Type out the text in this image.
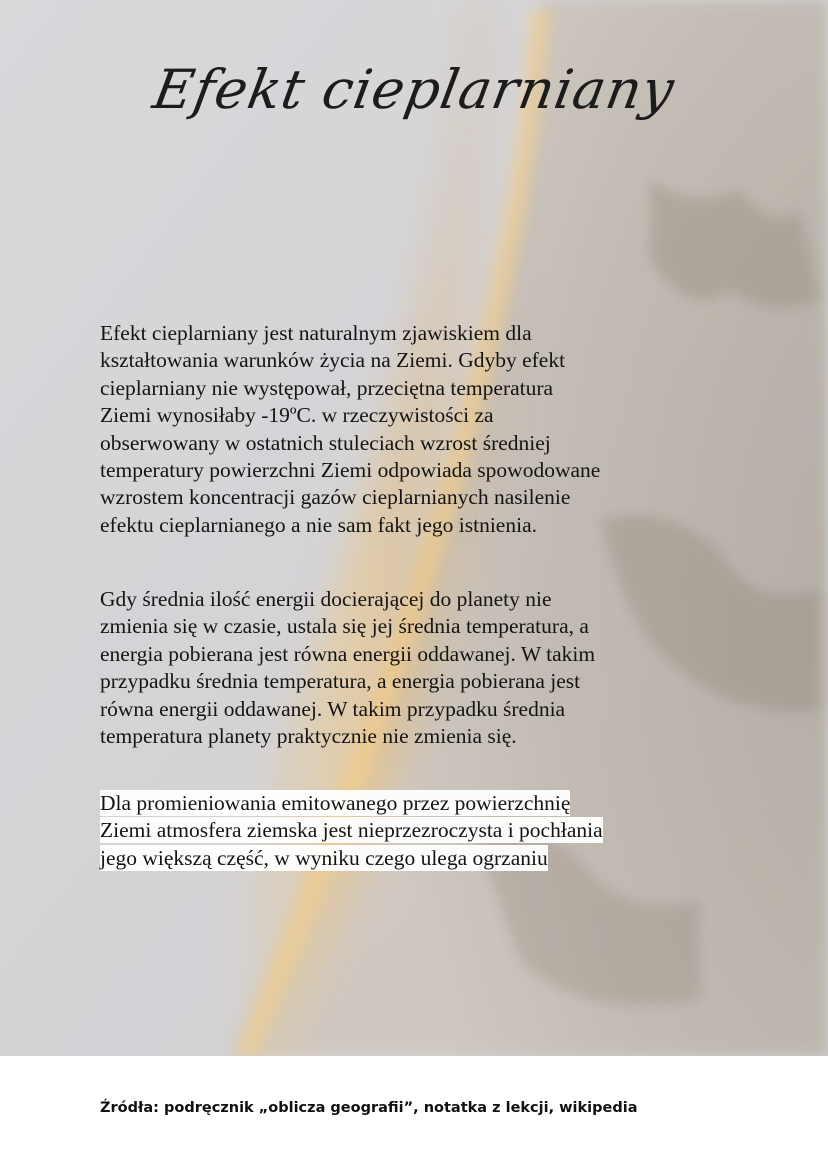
Efekt cieplarniany

Efekt cieplarniany jest naturalnym zjawiskiem dla
kształtowania warunków życia na Ziemi. Gdyby efekt
cieplarniany nie występował, przeciętna temperatura
Ziemi wynosiłaby -19ºC. w rzeczywistości za
obserwowany w ostatnich stuleciach wzrost średniej
temperatury powierzchni Ziemi odpowiada spowodowane
wzrostem koncentracji gazów cieplarnianych nasilenie
efektu cieplarnianego a nie sam fakt jego istnienia.

Gdy średnia ilość energii docierającej do planety nie
zmienia się w czasie, ustala się jej średnia temperatura, a
energia pobierana jest równa energii oddawanej. W takim
przypadku średnia temperatura, a energia pobierana jest
równa energii oddawanej. W takim przypadku średnia
temperatura planety praktycznie nie zmienia się.

Dla promieniowania emitowanego przez powierzchnię
Ziemi atmosfera ziemska jest nieprzezroczysta i pochłania
jego większą część, w wyniku czego ulega ogrzaniu

Źródła: podręcznik „oblicza geografii”, notatka z lekcji, wikipedia
